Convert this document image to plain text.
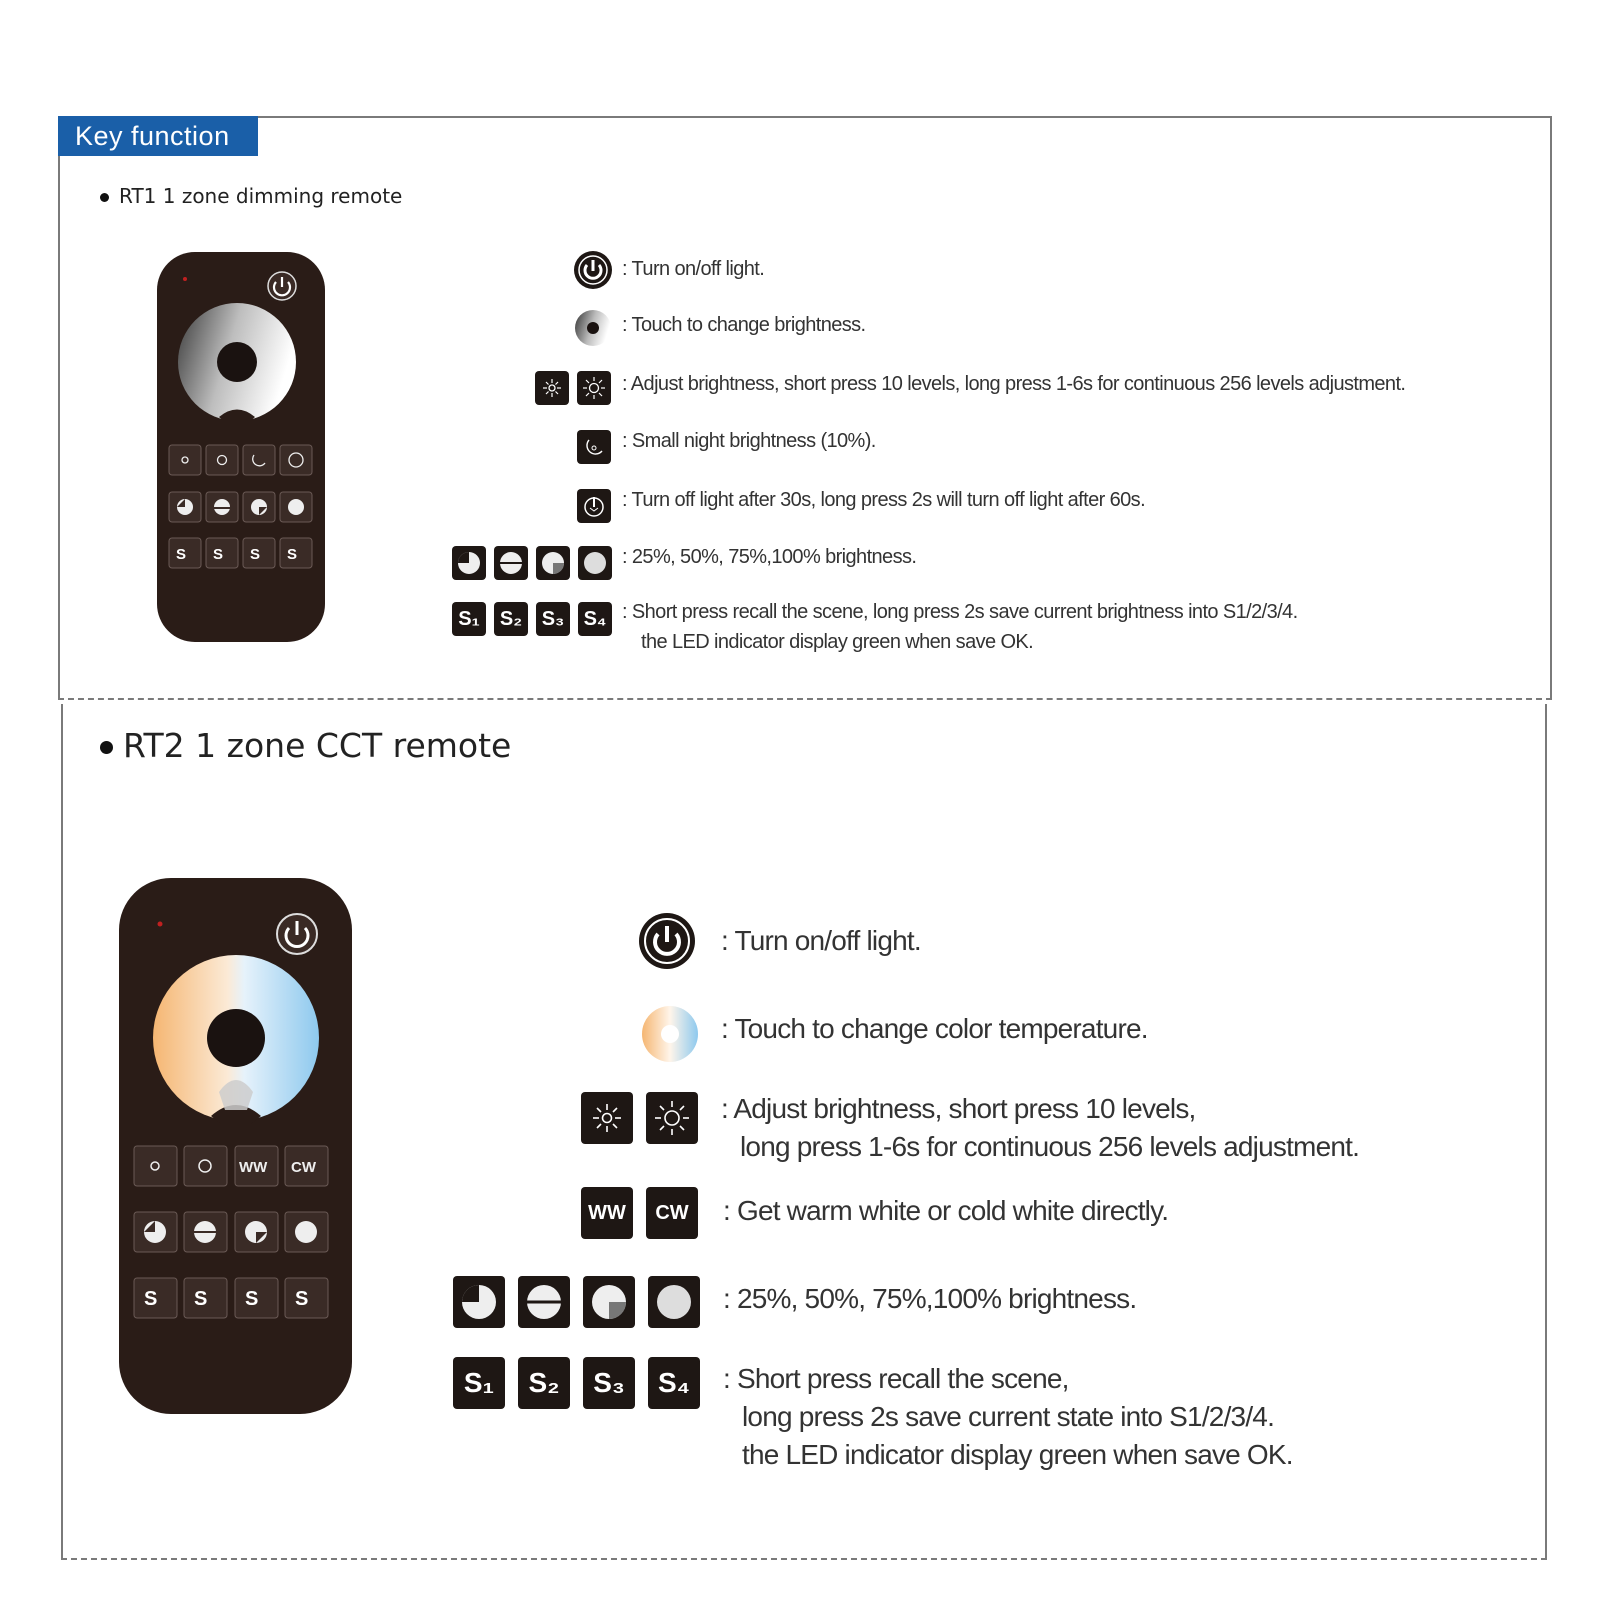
Key function
RT1 1 zone dimming remote
S S S S
: Turn on/off light.
: Touch to change brightness.
: Adjust brightness, short press 10 levels, long press 1-6s for continuous 256 levels adjustment.
: Small night brightness (10%).
: Turn off light after 30s, long press 2s will turn off light after 60s.
: 25%, 50%, 75%,100% brightness.
S₁	S₂ S₃ S₄ : Short press recall the scene, long press 2s save current brightness into S1/2/3/4.
the LED indicator display green when save OK.
RT2 1 zone CCT remote
WW CW
S S S S
: Turn on/off light.
: Touch to change color temperature.
: Adjust brightness, short press 10 levels,
long press 1-6s for continuous 256 levels adjustment.
WW	CW	: Get warm white or cold white directly.
: 25%, 50%, 75%,100% brightness.
S₁	S₂	S₃	S₄	: Short press recall the scene,
long press 2s save current state into S1/2/3/4.
the LED indicator display green when save OK.
